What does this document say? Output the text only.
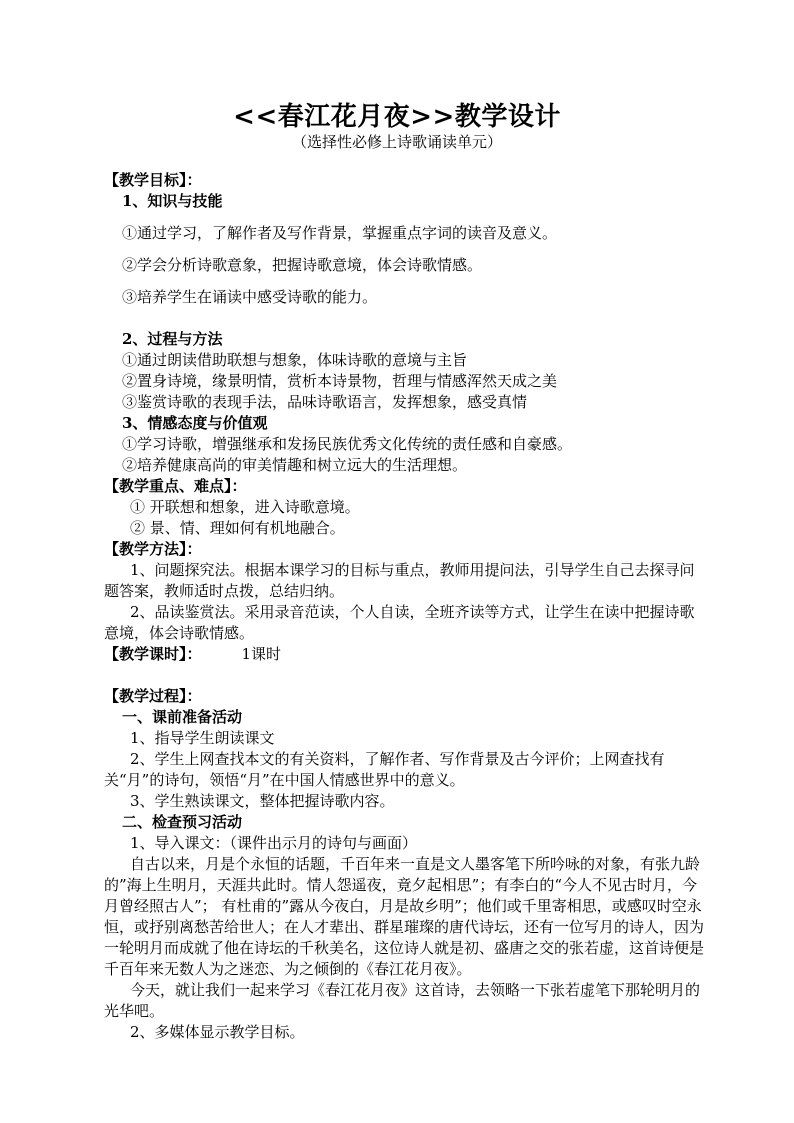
<<春江花月夜>>教学设计
（选择性必修上诗歌诵读单元）
【教学目标】：
1、知识与技能
①通过学习，了解作者及写作背景，掌握重点字词的读音及意义。
②学会分析诗歌意象，把握诗歌意境，体会诗歌情感。
③培养学生在诵读中感受诗歌的能力。
2、过程与方法
①通过朗读借助联想与想象，体味诗歌的意境与主旨
②置身诗境，缘景明情，赏析本诗景物，哲理与情感浑然天成之美
③鉴赏诗歌的表现手法，品味诗歌语言，发挥想象，感受真情
3、情感态度与价值观
①学习诗歌，增强继承和发扬民族优秀文化传统的责任感和自豪感。
②培养健康高尚的审美情趣和树立远大的生活理想。
【教学重点、难点】：
① 开联想和想象，进入诗歌意境。
② 景、情、理如何有机地融合。
【教学方法】：
1、问题探究法。根据本课学习的目标与重点，教师用提问法，引导学生自己去探寻问题答案，教师适时点拨，总结归纳。
2、品读鉴赏法。采用录音范读，个人自读，全班齐读等方式，让学生在读中把握诗歌意境，体会诗歌情感。
【教学课时】：	1课时
【教学过程】：
一、课前准备活动
1、指导学生朗读课文
2、学生上网查找本文的有关资料，了解作者、写作背景及古今评价；上网查找有关“月”的诗句，领悟“月”在中国人情感世界中的意义。
3、学生熟读课文，整体把握诗歌内容。
二、检查预习活动
1、导入课文：（课件出示月的诗句与画面）
自古以来，月是个永恒的话题，千百年来一直是文人墨客笔下所吟咏的对象，有张九龄的”海上生明月，天涯共此时。情人怨遥夜，竟夕起相思”；有李白的“今人不见古时月，今月曾经照古人”； 有杜甫的”露从今夜白，月是故乡明”；他们或千里寄相思，或感叹时空永恒，或抒别离愁苦给世人；在人才辈出、群星璀璨的唐代诗坛，还有一位写月的诗人，因为一轮明月而成就了他在诗坛的千秋美名，这位诗人就是初、盛唐之交的张若虚，这首诗便是千百年来无数人为之迷恋、为之倾倒的《春江花月夜》。
今天，就让我们一起来学习《春江花月夜》这首诗，去领略一下张若虚笔下那轮明月的光华吧。
2、多媒体显示教学目标。
